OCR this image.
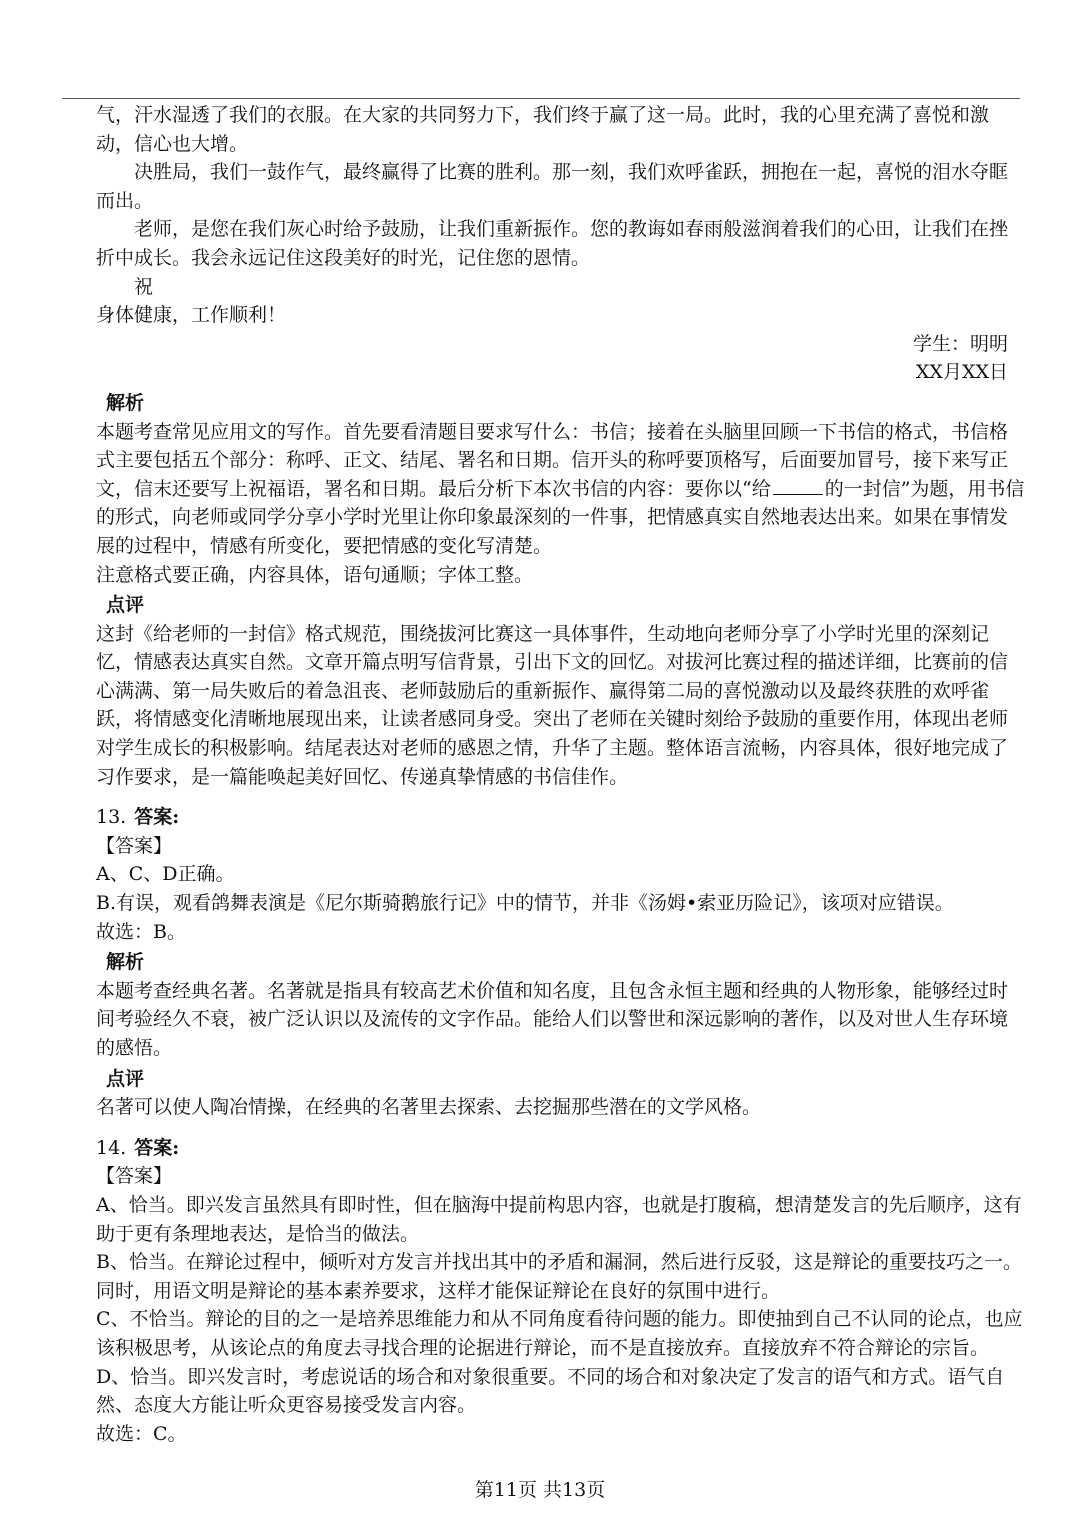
气，汗水湿透了我们的衣服。在大家的共同努力下，我们终于赢了这一局。此时，我的心里充满了喜悦和激动，信心也大增。

决胜局，我们一鼓作气，最终赢得了比赛的胜利。那一刻，我们欢呼雀跃，拥抱在一起，喜悦的泪水夺眶而出。

老师，是您在我们灰心时给予鼓励，让我们重新振作。您的教诲如春雨般滋润着我们的心田，让我们在挫折中成长。我会永远记住这段美好的时光，记住您的恩情。

祝

身体健康，工作顺利！

学生：明明

XX月XX日

解析

本题考查常见应用文的写作。首先要看清题目要求写什么：书信；接着在头脑里回顾一下书信的格式，书信格式主要包括五个部分：称呼、正文、结尾、署名和日期。信开头的称呼要顶格写，后面要加冒号，接下来写正文，信末还要写上祝福语，署名和日期。最后分析下本次书信的内容：要你以“给	的一封信”为题，用书信的形式，向老师或同学分享小学时光里让你印象最深刻的一件事，把情感真实自然地表达出来。如果在事情发展的过程中，情感有所变化，要把情感的变化写清楚。

注意格式要正确，内容具体，语句通顺；字体工整。

点评

这封《给老师的一封信》格式规范，围绕拔河比赛这一具体事件，生动地向老师分享了小学时光里的深刻记忆，情感表达真实自然。文章开篇点明写信背景，引出下文的回忆。对拔河比赛过程的描述详细，比赛前的信心满满、第一局失败后的着急沮丧、老师鼓励后的重新振作、赢得第二局的喜悦激动以及最终获胜的欢呼雀跃，将情感变化清晰地展现出来，让读者感同身受。突出了老师在关键时刻给予鼓励的重要作用，体现出老师对学生成长的积极影响。结尾表达对老师的感恩之情，升华了主题。整体语言流畅，内容具体，很好地完成了习作要求，是一篇能唤起美好回忆、传递真挚情感的书信佳作。

13. 答案:

【答案】

A、C、D正确。

B.有误，观看鸽舞表演是《尼尔斯骑鹅旅行记》中的情节，并非《汤姆•索亚历险记》，该项对应错误。

故选：B。

解析

本题考查经典名著。名著就是指具有较高艺术价值和知名度，且包含永恒主题和经典的人物形象，能够经过时间考验经久不衰，被广泛认识以及流传的文字作品。能给人们以警世和深远影响的著作，以及对世人生存环境的感悟。

点评

名著可以使人陶冶情操，在经典的名著里去探索、去挖掘那些潜在的文学风格。

14. 答案:

【答案】

A、恰当。即兴发言虽然具有即时性，但在脑海中提前构思内容，也就是打腹稿，想清楚发言的先后顺序，这有助于更有条理地表达，是恰当的做法。

B、恰当。在辩论过程中，倾听对方发言并找出其中的矛盾和漏洞，然后进行反驳，这是辩论的重要技巧之一。同时，用语文明是辩论的基本素养要求，这样才能保证辩论在良好的氛围中进行。

C、不恰当。辩论的目的之一是培养思维能力和从不同角度看待问题的能力。即使抽到自己不认同的论点，也应该积极思考，从该论点的角度去寻找合理的论据进行辩论，而不是直接放弃。直接放弃不符合辩论的宗旨。

D、恰当。即兴发言时，考虑说话的场合和对象很重要。不同的场合和对象决定了发言的语气和方式。语气自然、态度大方能让听众更容易接受发言内容。

故选：C。

第11页 共13页
